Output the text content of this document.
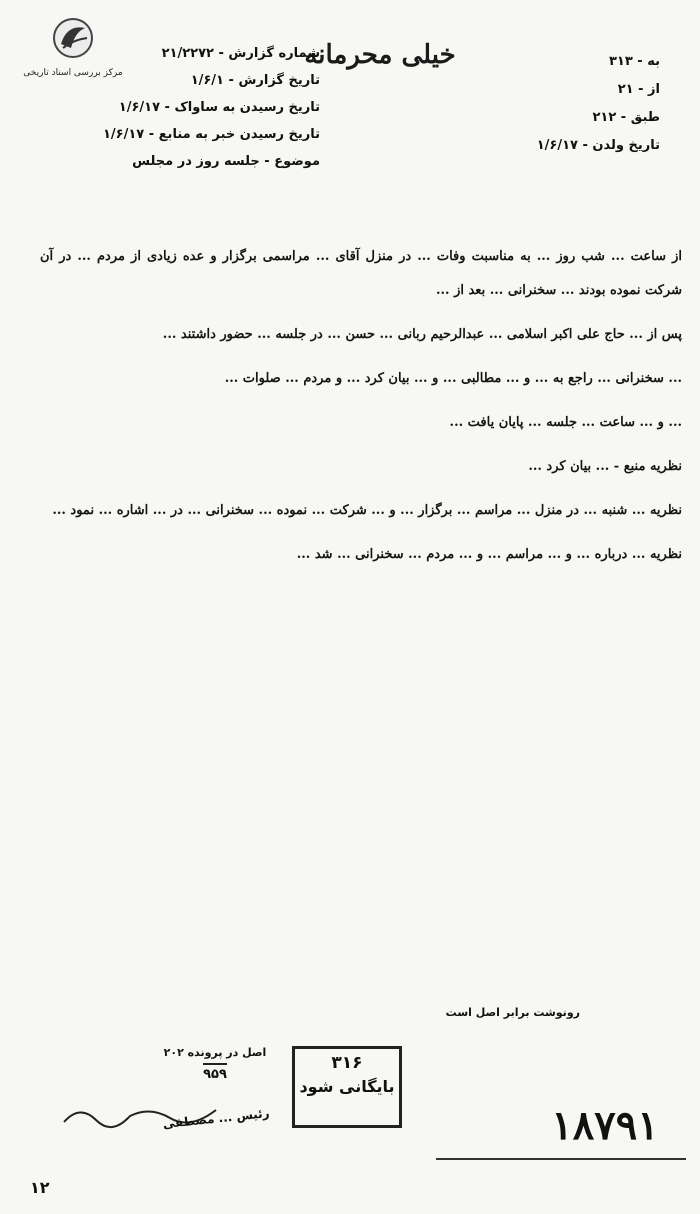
مرکز بررسی اسناد تاریخی
خیلی محرمانه	به - ۳۱۳
از - ۲۱
طبق - ۲۱۲
تاریخ ولدن - ۱/۶/۱۷
شماره گزارش - ۲۱/۲۲۷۲
تاریخ گزارش - ۱/۶/۱
تاریخ رسیدن به ساواک - ۱/۶/۱۷
تاریخ رسیدن خبر به منابع - ۱/۶/۱۷
موضوع - جلسه روز در مجلس

از ساعت ... شب روز ... به مناسبت وفات ... در منزل آقای ... مراسمی برگزار و عده زیادی از مردم ... در آن شرکت نموده بودند ... سخنرانی ... بعد از ...

پس از ... حاج علی اکبر اسلامی ... عبدالرحیم ربانی ... حسن ... در جلسه ... حضور داشتند ...

... سخنرانی ... راجع به ... و ... مطالبی ... و ... بیان کرد ... و مردم ... صلوات ...

... و ... ساعت ... جلسه ... پایان یافت ...

نظریه منبع - ... بیان کرد ...

نظریه ... شنبه ... در منزل ... مراسم ... برگزار ... و ... شرکت ... نموده ... سخنرانی ... در ... اشاره ... نمود ...

نظریه ... درباره ... و ... مراسم ... و ... مردم ... سخنرانی ... شد ...

رونوشت برابر اصل است
اصل در پرونده ۲۰۲
۹۵۹
۳۱۶
بایگانی شود
رئیس ... مصطفی
۱۲
۱۸۷۹۱
